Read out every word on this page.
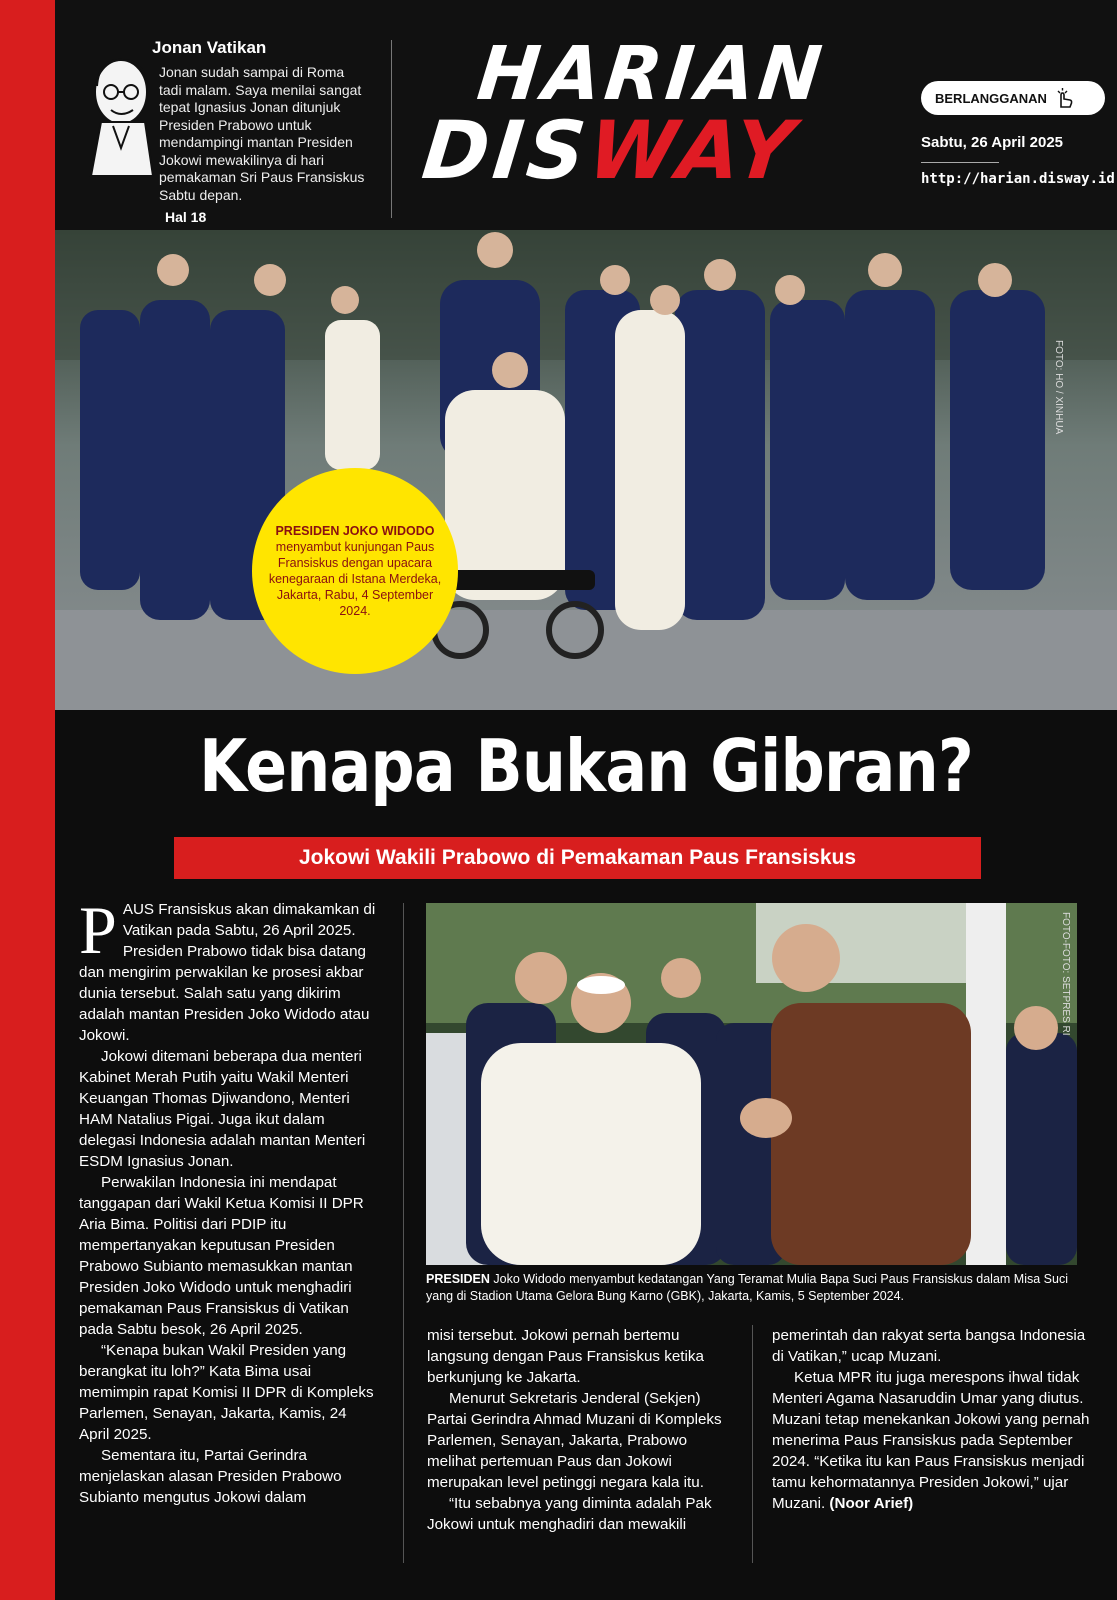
Jonan Vatikan
Jonan sudah sampai di Roma tadi malam. Saya menilai sangat tepat Ignasius Jonan ditunjuk Presiden Prabowo untuk mendampingi mantan Presiden Jokowi mewakilinya di hari pemakaman Sri Paus Fransiskus Sabtu depan.
Hal 18
HARIAN
DISWAY
BERLANGGANAN
Sabtu, 26 April 2025
http://harian.disway.id
FOTO: HO / XINHUA
PRESIDEN JOKO WIDODO
menyambut kunjungan Paus Fransiskus dengan upacara kenegaraan di Istana Merdeka, Jakarta, Rabu, 4 September 2024.
Kenapa Bukan Gibran?
Jokowi Wakili Prabowo di Pemakaman Paus Fransiskus

PAUS Fransiskus akan dimakamkan di Vatikan pada Sabtu, 26 April 2025. Presiden Prabowo tidak bisa datang dan mengirim perwakilan ke prosesi akbar dunia tersebut. Salah satu yang dikirim adalah mantan Presiden Joko Widodo atau Jokowi.

Jokowi ditemani beberapa dua menteri Kabinet Merah Putih yaitu Wakil Menteri Keuangan Thomas Djiwandono, Menteri HAM Natalius Pigai. Juga ikut dalam delegasi Indonesia adalah mantan Menteri ESDM Ignasius Jonan.

Perwakilan Indonesia ini mendapat tanggapan dari Wakil Ketua Komisi II DPR Aria Bima. Politisi dari PDIP itu mempertanyakan keputusan Presiden Prabowo Subianto memasukkan mantan Presiden Joko Widodo untuk menghadiri pemakaman Paus Fransiskus di Vatikan pada Sabtu besok, 26 April 2025.

“Kenapa bukan Wakil Presiden yang berangkat itu loh?” Kata Bima usai memimpin rapat Komisi II DPR di Kompleks Parlemen, Senayan, Jakarta, Kamis, 24 April 2025.

Sementara itu, Partai Gerindra menjelaskan alasan Presiden Prabowo Subianto mengutus Jokowi dalam

FOTO-FOTO: SETPRES RI
PRESIDEN Joko Widodo menyambut kedatangan Yang Teramat Mulia Bapa Suci Paus Fransiskus dalam Misa Suci yang di Stadion Utama Gelora Bung Karno (GBK), Jakarta, Kamis, 5 September 2024.

misi tersebut. Jokowi pernah bertemu langsung dengan Paus Fransiskus ketika berkunjung ke Jakarta.

Menurut Sekretaris Jenderal (Sekjen) Partai Gerindra Ahmad Muzani di Kompleks Parlemen, Senayan, Jakarta, Prabowo melihat pertemuan Paus dan Jokowi merupakan level petinggi negara kala itu.

“Itu sebabnya yang diminta adalah Pak Jokowi untuk menghadiri dan mewakili

pemerintah dan rakyat serta bangsa Indonesia di Vatikan,” ucap Muzani.

Ketua MPR itu juga merespons ihwal tidak Menteri Agama Nasaruddin Umar yang diutus. Muzani tetap menekankan Jokowi yang pernah menerima Paus Fransiskus pada September 2024. “Ketika itu kan Paus Fransiskus menjadi tamu kehormatannya Presiden Jokowi,” ujar Muzani. (Noor Arief)
